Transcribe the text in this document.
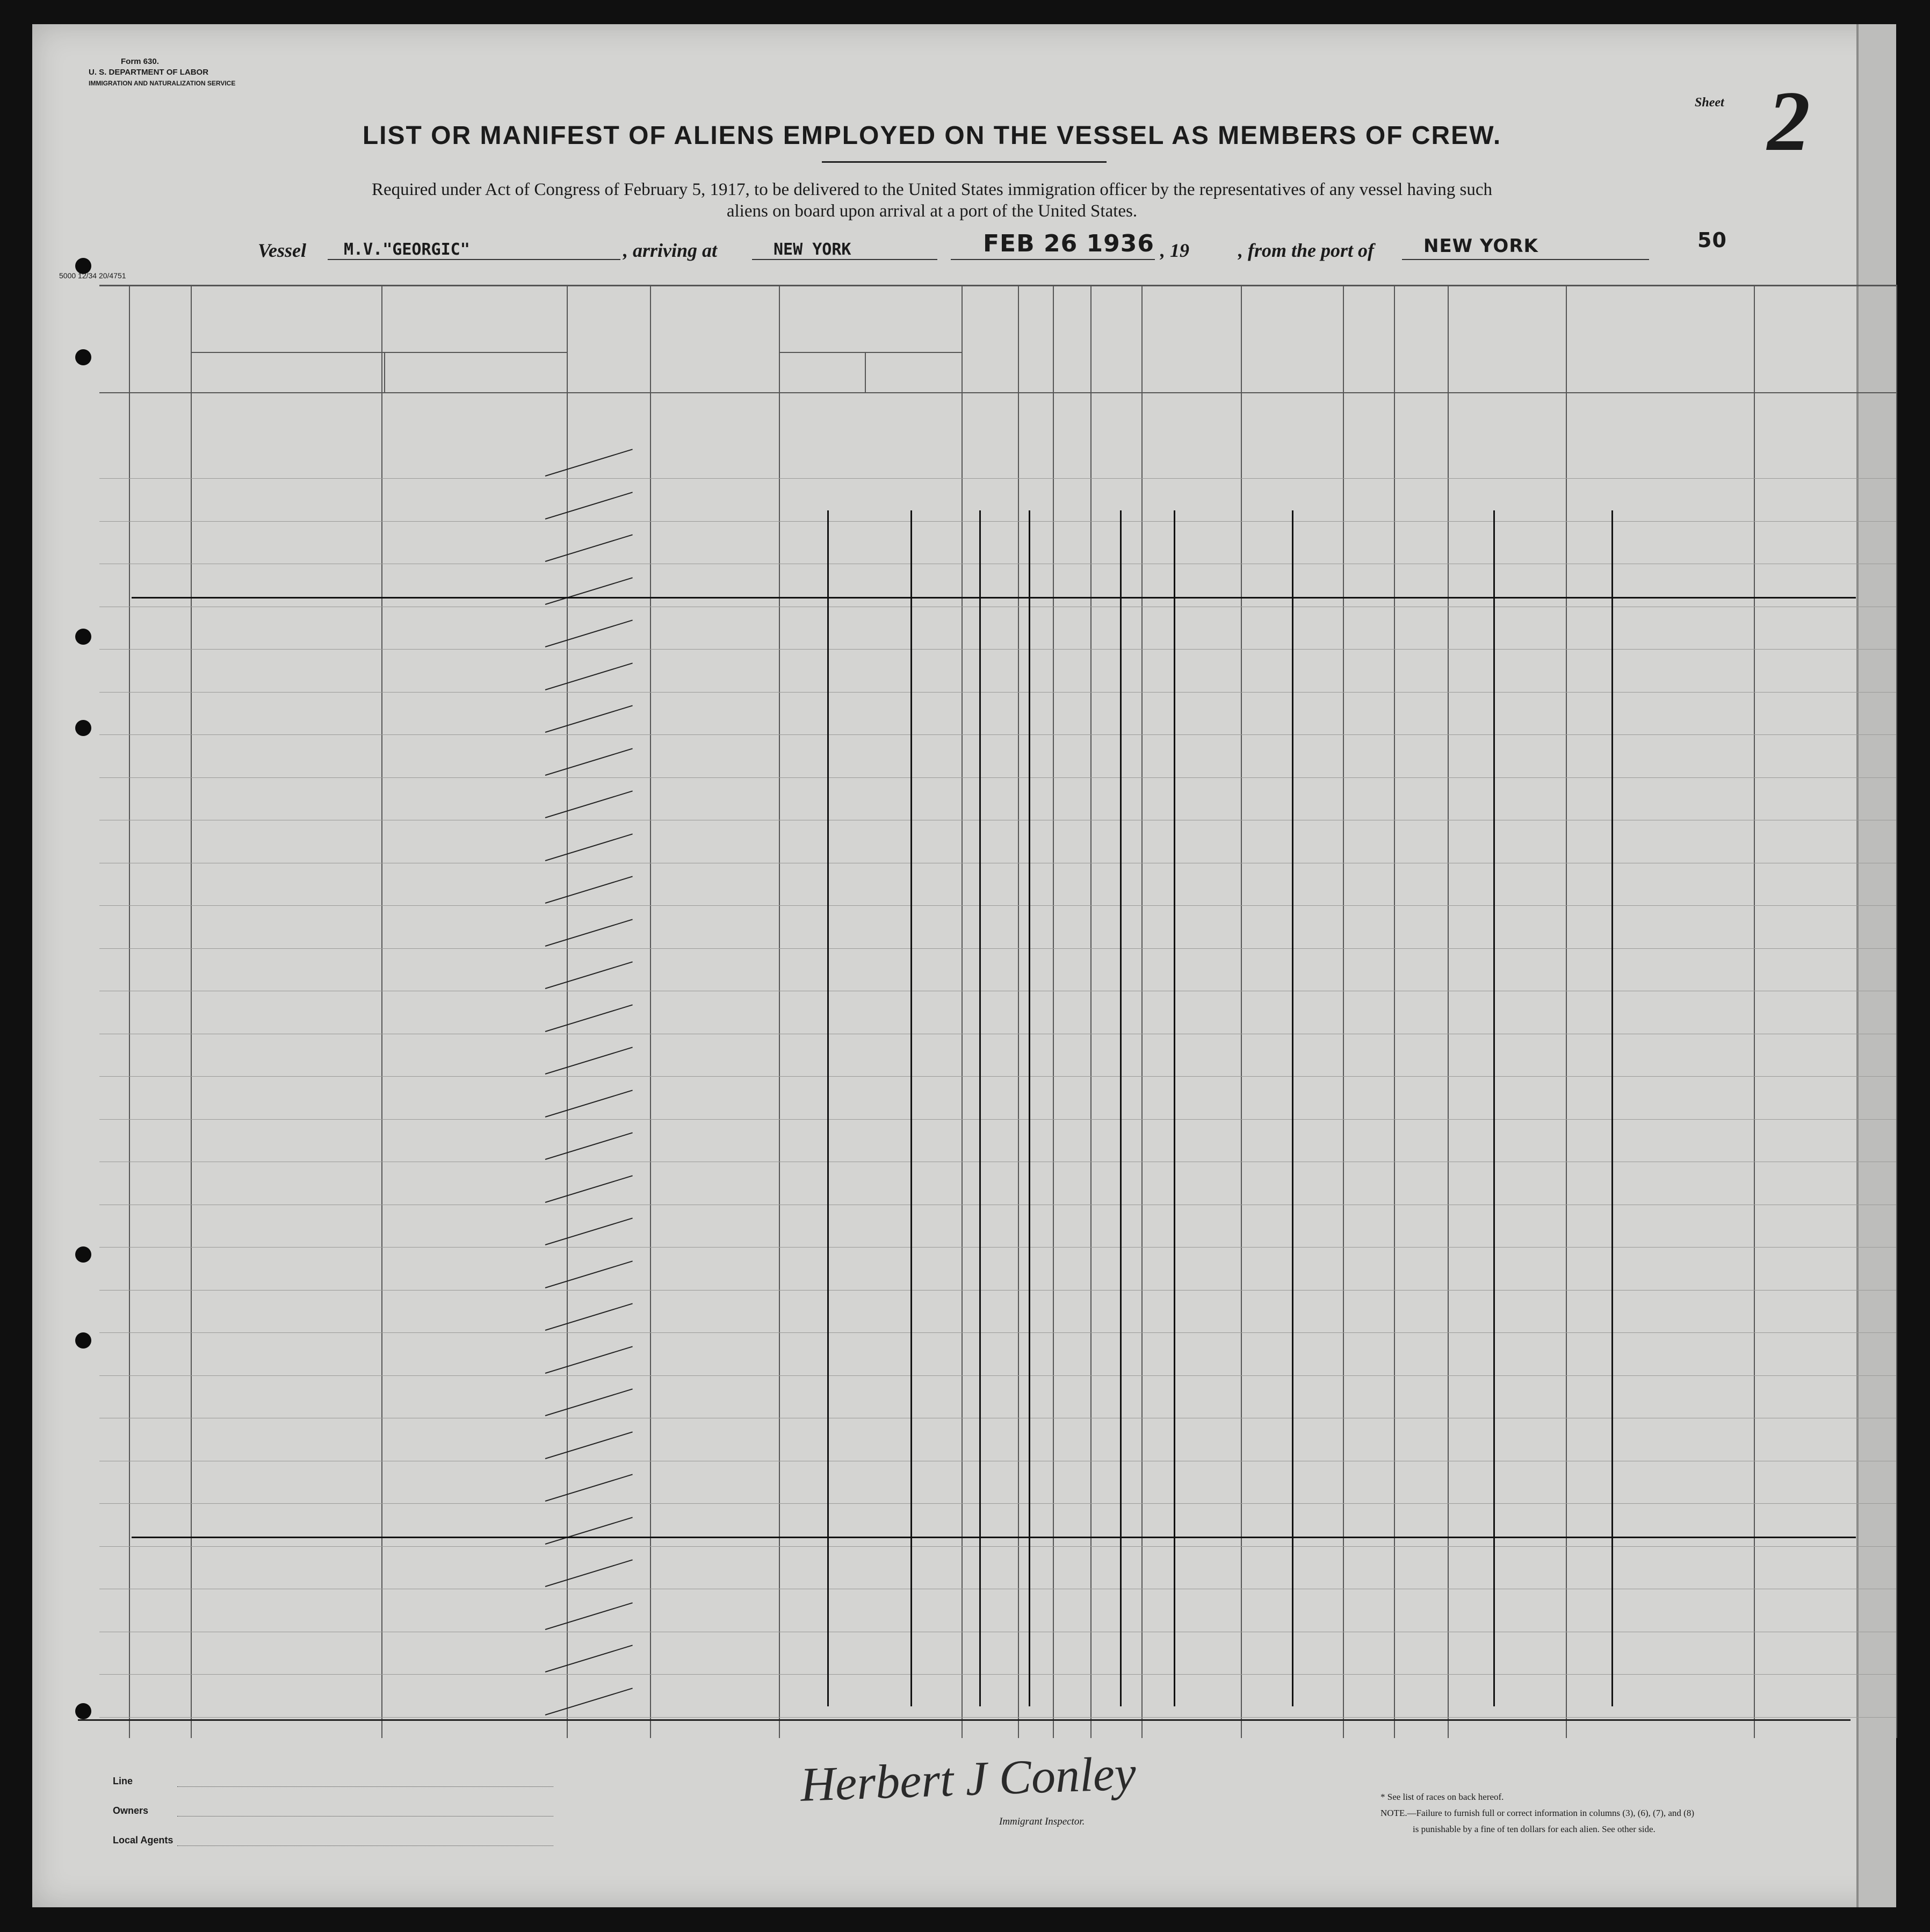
Form 630.
U. S. DEPARTMENT OF LABOR
IMMIGRATION AND NATURALIZATION SERVICE
Sheet 2
LIST OR MANIFEST OF ALIENS EMPLOYED ON THE VESSEL AS MEMBERS OF CREW.
Required under Act of Congress of February 5, 1917, to be delivered to the United States immigration officer by the representatives of any vessel having such
aliens on board upon arrival at a port of the United States.
Vessel M.V."GEORGIC"	, arriving at	NEW YORK	FEB 26 1936 , 19	, from the port of	NEW YORK	50
5000 12/34 20/4751
Line
Owners
Local Agents
Herbert J Conley
Immigrant Inspector.
* See list of races on back hereof.
NOTE.—Failure to furnish full or correct information in columns (3), (6), (7), and (8)
is punishable by a fine of ten dollars for each alien. See other side.
